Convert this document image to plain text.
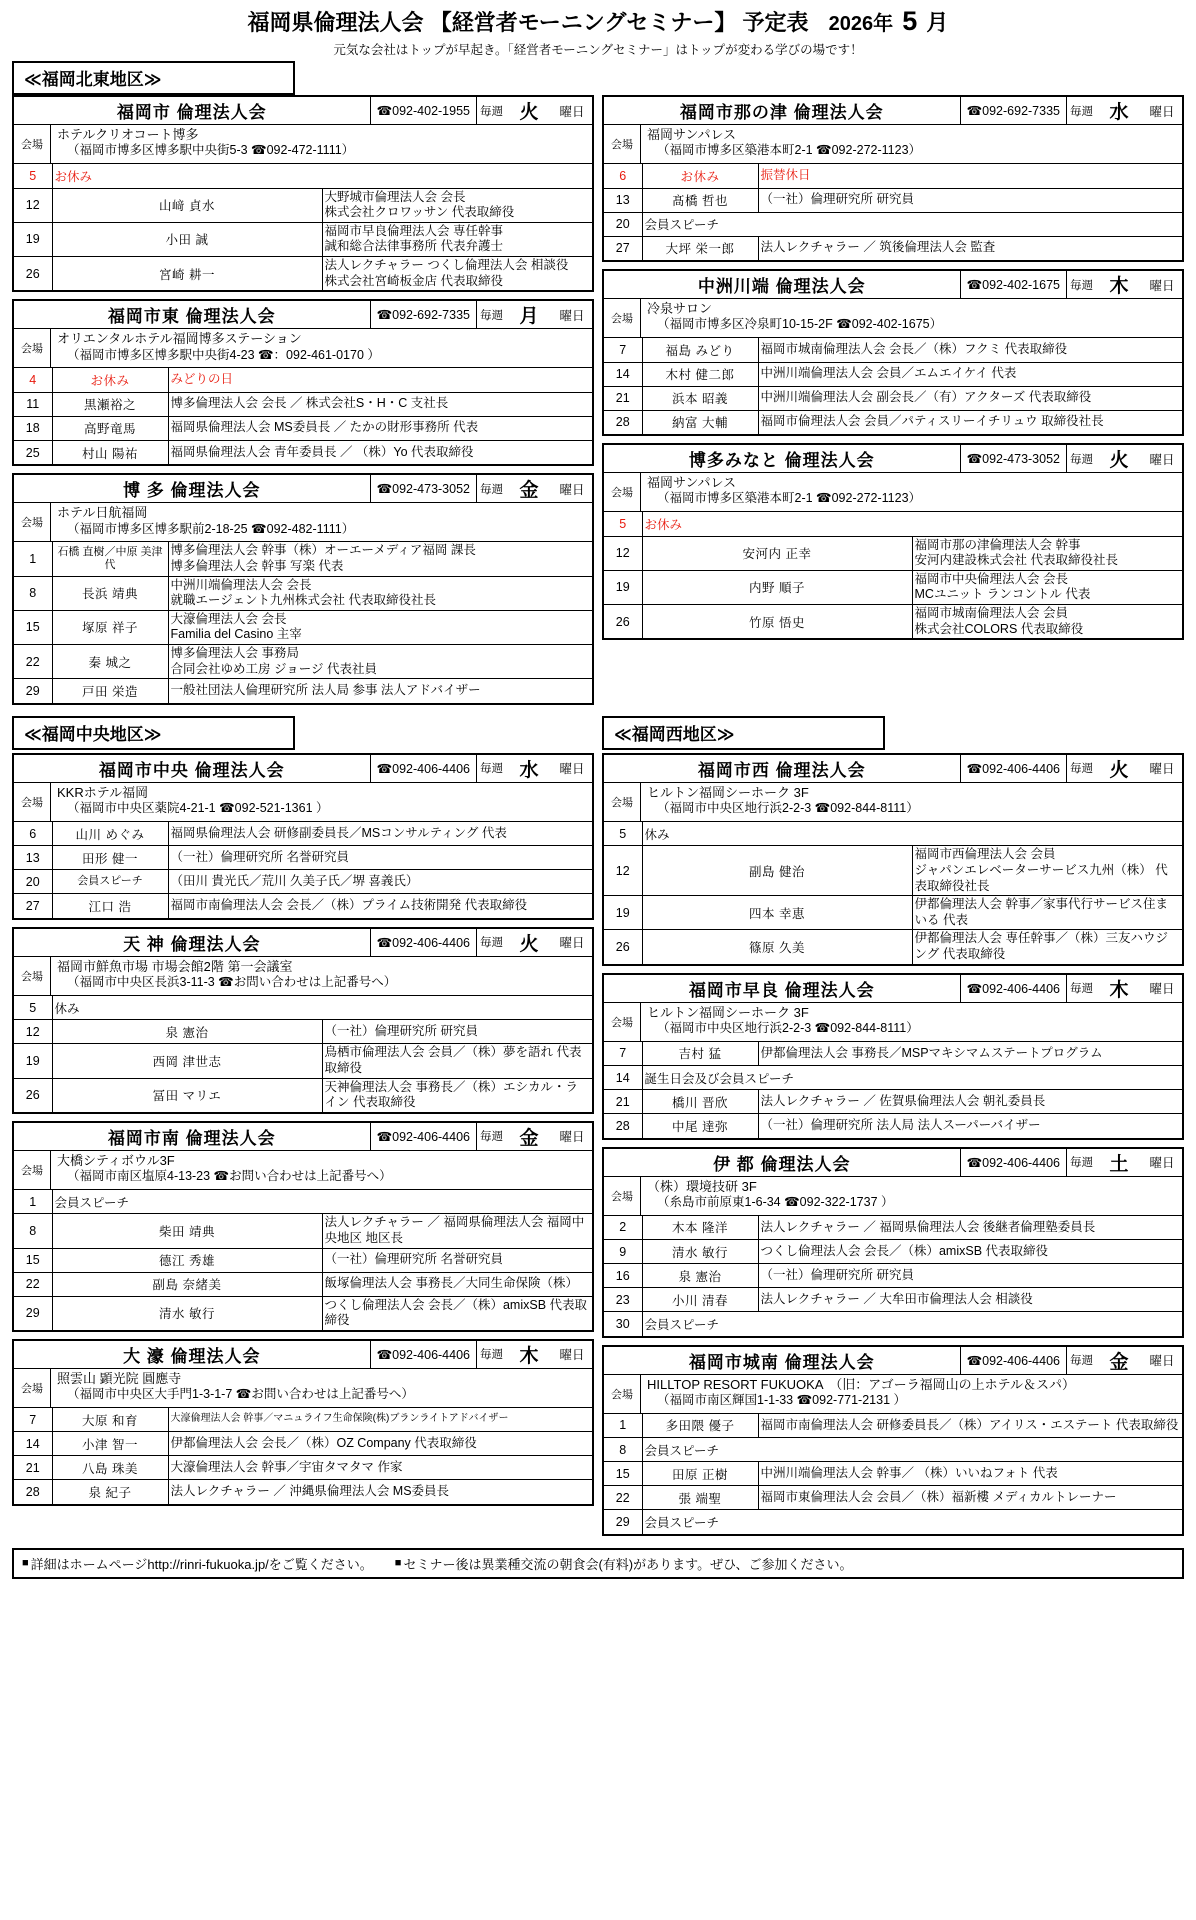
福岡県倫理法人会 【経営者モーニングセミナー】 予定表 2026年 5 月
元気な会社はトップが早起き。「経営者モーニングセミナー」はトップが変わる学びの場です！
≪福岡北東地区≫
福岡市 倫理法人会	☎092-402-1955 毎週 火	曜日
会場
ホテルクリオコート博多
（福岡市博多区博多駅中央街5-3 ☎092-472-1111）
5	お休み	
12	山﨑 貞水	大野城市倫理法人会 会長
株式会社クロワッサン 代表取締役
19	小田 誠	福岡市早良倫理法人会 専任幹事
誠和総合法律事務所 代表弁護士
26	宮崎 耕一	法人レクチャラー つくし倫理法人会 相談役
株式会社宮崎板金店 代表取締役
福岡市東 倫理法人会	☎092-692-7335 毎週 月	曜日
会場
オリエンタルホテル福岡博多ステーション
（福岡市博多区博多駅中央街4-23 ☎：092-461-0170 ）
4	お休み	みどりの日
11	黒瀬裕之	博多倫理法人会 会長 ／ 株式会社S・H・C 支社長
18	高野竜馬	福岡県倫理法人会 MS委員長 ／ たかの財形事務所 代表
25	村山 陽祐	福岡県倫理法人会 青年委員長 ／ （株）Yo 代表取締役
博 多 倫理法人会	☎092-473-3052 毎週 金	曜日
会場
ホテル日航福岡
（福岡市博多区博多駅前2-18-25 ☎092-482-1111）
1	石橋 直樹／中原 美津代	博多倫理法人会 幹事（株）オーエーメディア福岡 課長
博多倫理法人会 幹事 写楽 代表
8	長浜 靖典	中洲川端倫理法人会 会長
就職エージェント九州株式会社 代表取締役社長
15	塚原 祥子	大濠倫理法人会 会長
Familia del Casino 主宰
22	秦 城之	博多倫理法人会 事務局
合同会社ゆめ工房 ジョージ 代表社員
29	戸田 栄造	一般社団法人倫理研究所 法人局 参事 法人アドバイザー
福岡市那の津 倫理法人会	☎092-692-7335 毎週 水	曜日
会場
福岡サンパレス
（福岡市博多区築港本町2-1 ☎092-272-1123）
6	お休み	振替休日
13	髙橋 哲也	（一社）倫理研究所 研究員
20	会員スピーチ	
27	大坪 栄一郎	法人レクチャラー ／ 筑後倫理法人会 監査
中洲川端 倫理法人会	☎092-402-1675 毎週 木	曜日
会場
冷泉サロン
（福岡市博多区冷泉町10-15-2F ☎092-402-1675）
7	福島 みどり	福岡市城南倫理法人会 会長／（株）フクミ 代表取締役
14	木村 健二郎	中洲川端倫理法人会 会員／エムエイケイ 代表
21	浜本 昭義	中洲川端倫理法人会 副会長／（有）アクターズ 代表取締役
28	納富 大輔	福岡市倫理法人会 会員／パティスリーイチリュウ 取締役社長
博多みなと 倫理法人会	☎092-473-3052 毎週 火	曜日
会場
福岡サンパレス
（福岡市博多区築港本町2-1 ☎092-272-1123）
5	お休み	
12	安河内 正幸	福岡市那の津倫理法人会 幹事
安河内建設株式会社 代表取締役社長
19	内野 順子	福岡市中央倫理法人会 会長
MCユニット ランコントル 代表
26	竹原 悟史	福岡市城南倫理法人会 会員
株式会社COLORS 代表取締役
≪福岡中央地区≫	≪福岡西地区≫
福岡市中央 倫理法人会	☎092-406-4406 毎週 水	曜日
会場
KKRホテル福岡
（福岡市中央区薬院4-21-1 ☎092-521-1361 ）
6	山川 めぐみ	福岡県倫理法人会 研修副委員長／MSコンサルティング 代表
13	田形 健一	（一社）倫理研究所 名誉研究員
20	会員スピーチ	（田川 貴光氏／荒川 久美子氏／堺 喜義氏）
27	江口 浩	福岡市南倫理法人会 会長／（株）プライム技術開発 代表取締役
天 神 倫理法人会	☎092-406-4406 毎週 火	曜日
会場
福岡市鮮魚市場 市場会館2階 第一会議室
（福岡市中央区長浜3-11-3 ☎お問い合わせは上記番号へ）
5	休み	
12	泉 憲治	（一社）倫理研究所 研究員
19	西岡 津世志	鳥栖市倫理法人会 会員／（株）夢を語れ 代表取締役
26	冨田 マリエ	天神倫理法人会 事務長／（株）エシカル・ライン 代表取締役
福岡市南 倫理法人会	☎092-406-4406 毎週 金	曜日
会場
大橋シティボウル3F
（福岡市南区塩原4-13-23 ☎お問い合わせは上記番号へ）
1	会員スピーチ	
8	柴田 靖典	法人レクチャラー ／ 福岡県倫理法人会 福岡中央地区 地区長
15	德江 秀雄	（一社）倫理研究所 名誉研究員
22	副島 奈緒美	飯塚倫理法人会 事務長／大同生命保険（株）
29	清水 敏行	つくし倫理法人会 会長／（株）amixSB 代表取締役
大 濠 倫理法人会	☎092-406-4406 毎週 木	曜日
会場
照雲山 顕光院 圓應寺
（福岡市中央区大手門1-3-1-7 ☎お問い合わせは上記番号へ）
7	大原 和育	大濠倫理法人会 幹事／マニュライフ生命保険(株)ブランライトアドバイザー
14	小津 智一	伊都倫理法人会 会長／（株）OZ Company 代表取締役
21	八島 珠美	大濠倫理法人会 幹事／宇宙タマタマ 作家
28	泉 紀子	法人レクチャラー ／ 沖縄県倫理法人会 MS委員長
福岡市西 倫理法人会	☎092-406-4406 毎週 火	曜日
会場
ヒルトン福岡シーホーク 3F
（福岡市中央区地行浜2-2-3 ☎092-844-8111）
5	休み	
12	副島 健治	福岡市西倫理法人会 会員
ジャパンエレベーターサービス九州（株） 代表取締役社長
19	四本 幸恵	伊都倫理法人会 幹事／家事代行サービス住まいる 代表
26	篠原 久美	伊都倫理法人会 専任幹事／（株）三友ハウジング 代表取締役
福岡市早良 倫理法人会	☎092-406-4406 毎週 木	曜日
会場
ヒルトン福岡シーホーク 3F
（福岡市中央区地行浜2-2-3 ☎092-844-8111）
7	吉村 猛	伊都倫理法人会 事務長／MSPマキシマムステートプログラム
14	誕生日会及び会員スピーチ	
21	橋川 晋欣	法人レクチャラー ／ 佐賀県倫理法人会 朝礼委員長
28	中尾 達弥	（一社）倫理研究所 法人局 法人スーパーバイザー
伊 都 倫理法人会	☎092-406-4406 毎週 土	曜日
会場
（株）環境技研 3F
（糸島市前原東1-6-34 ☎092-322-1737 ）
2	木本 隆洋	法人レクチャラー ／ 福岡県倫理法人会 後継者倫理塾委員長
9	清水 敏行	つくし倫理法人会 会長／（株）amixSB 代表取締役
16	泉 憲治	（一社）倫理研究所 研究員
23	小川 清春	法人レクチャラー ／ 大牟田市倫理法人会 相談役
30	会員スピーチ	
福岡市城南 倫理法人会	☎092-406-4406 毎週 金	曜日
会場
HILLTOP RESORT FUKUOKA　（旧：アゴーラ福岡山の上ホテル＆スパ）
（福岡市南区輝国1-1-33 ☎092-771-2131 ）
1	多田隈 優子	福岡市南倫理法人会 研修委員長／（株）アイリス・エステート 代表取締役
8	会員スピーチ	
15	田原 正樹	中洲川端倫理法人会 幹事／ （株）いいねフォト 代表
22	張 端聖	福岡市東倫理法人会 会員／（株）福新樓 メディカルトレーナー
29	会員スピーチ	
■ 詳細はホームページhttp://rinri-fukuoka.jp/をご覧ください。 ■ セミナー後は異業種交流の朝食会(有料)があります。ぜひ、ご参加ください。
